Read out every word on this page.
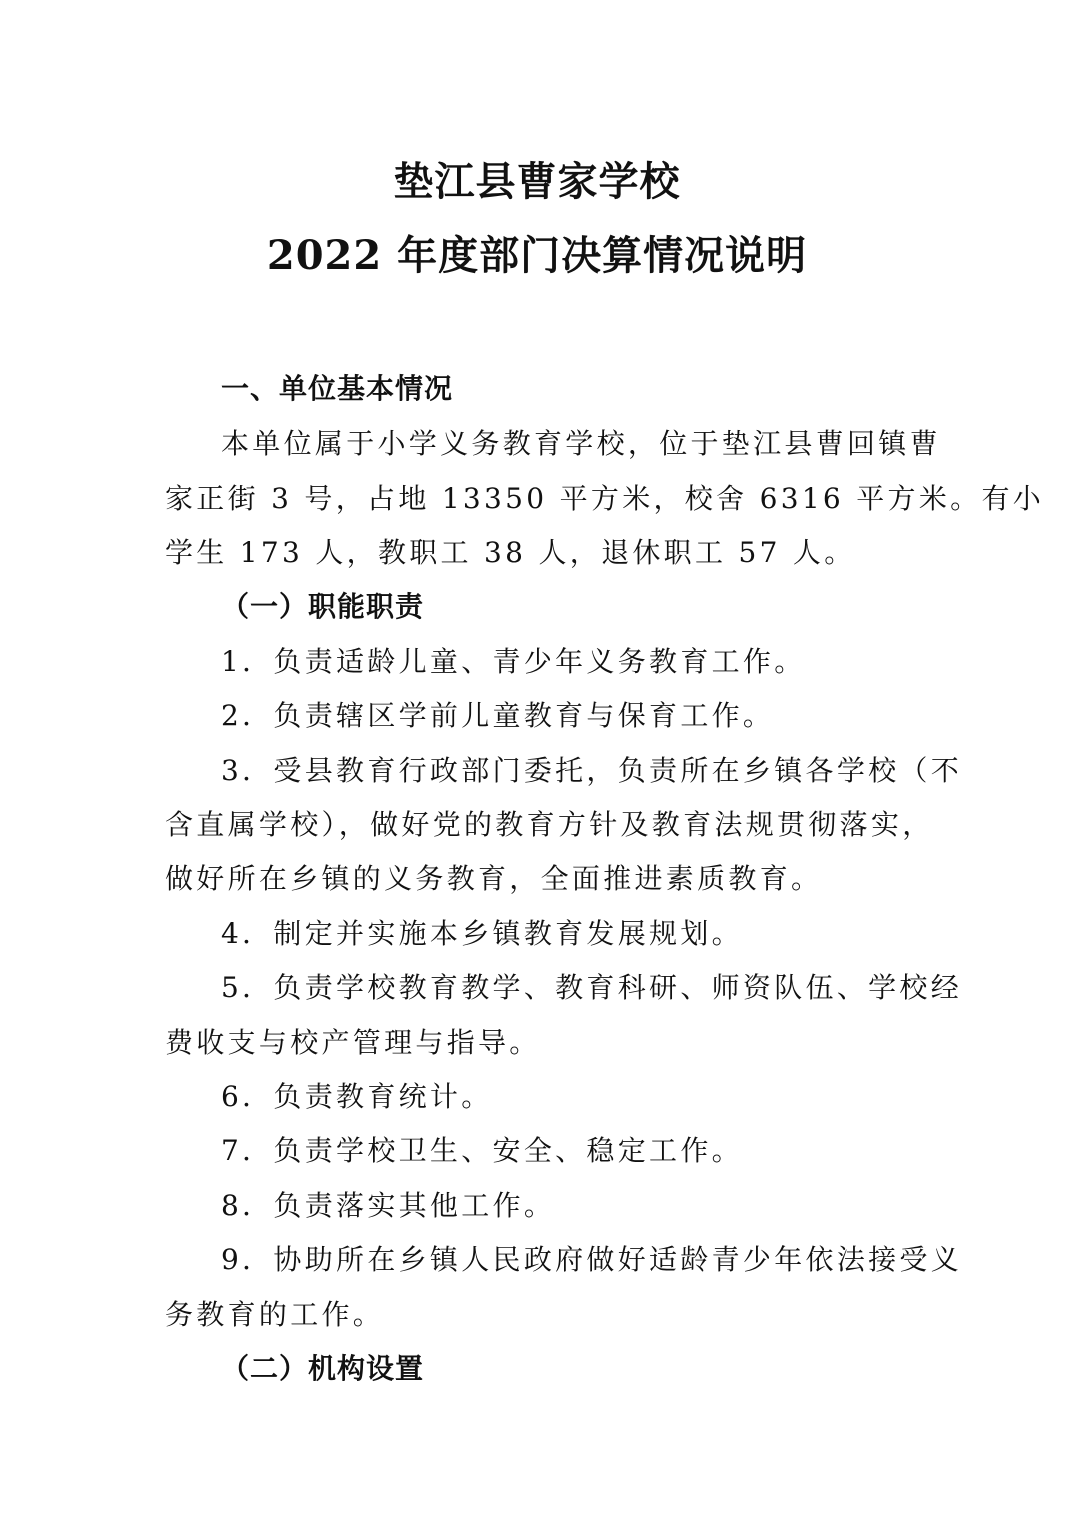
垫江县曹家学校
2022 年度部门决算情况说明
一、单位基本情况
本单位属于小学义务教育学校，位于垫江县曹回镇曹
家正街 3 号，占地 13350 平方米，校舍 6316 平方米。有小
学生 173 人，教职工 38 人，退休职工 57 人。
（一）职能职责
1．负责适龄儿童、青少年义务教育工作。
2．负责辖区学前儿童教育与保育工作。
3．受县教育行政部门委托，负责所在乡镇各学校（不
含直属学校），做好党的教育方针及教育法规贯彻落实，
做好所在乡镇的义务教育，全面推进素质教育。
4．制定并实施本乡镇教育发展规划。
5．负责学校教育教学、教育科研、师资队伍、学校经
费收支与校产管理与指导。
6．负责教育统计。
7．负责学校卫生、安全、稳定工作。
8．负责落实其他工作。
9．协助所在乡镇人民政府做好适龄青少年依法接受义
务教育的工作。
（二）机构设置
